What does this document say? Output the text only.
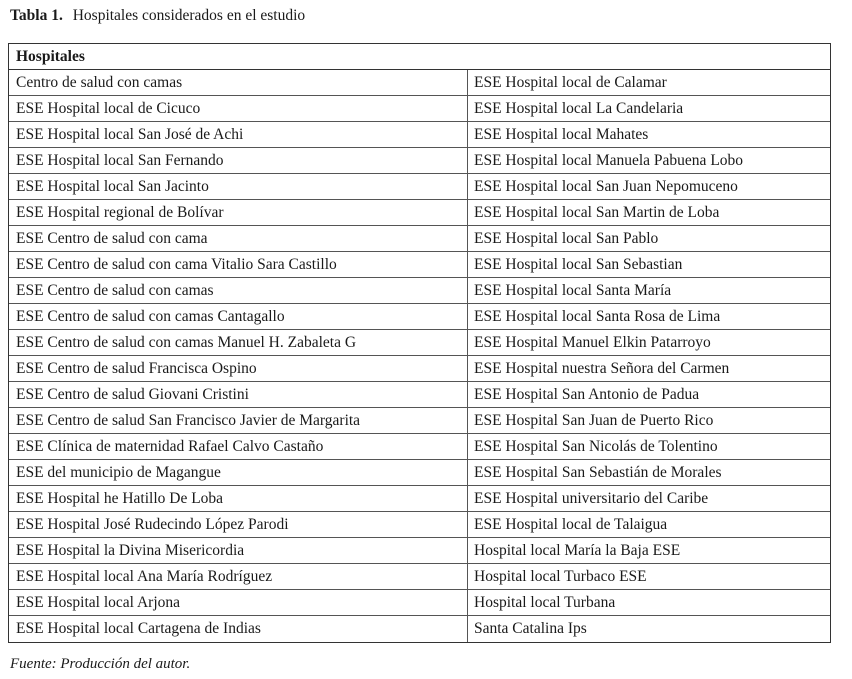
Tabla 1. Hospitales considerados en el estudio
Hospitales
Centro de salud con camas	ESE Hospital local de Calamar
ESE Hospital local de Cicuco	ESE Hospital local La Candelaria
ESE Hospital local San José de Achi	ESE Hospital local Mahates
ESE Hospital local San Fernando	ESE Hospital local Manuela Pabuena Lobo
ESE Hospital local San Jacinto	ESE Hospital local San Juan Nepomuceno
ESE Hospital regional de Bolívar	ESE Hospital local San Martin de Loba
ESE Centro de salud con cama	ESE Hospital local San Pablo
ESE Centro de salud con cama Vitalio Sara Castillo	ESE Hospital local San Sebastian
ESE Centro de salud con camas	ESE Hospital local Santa María
ESE Centro de salud con camas Cantagallo	ESE Hospital local Santa Rosa de Lima
ESE Centro de salud con camas Manuel H. Zabaleta G	ESE Hospital Manuel Elkin Patarroyo
ESE Centro de salud Francisca Ospino	ESE Hospital nuestra Señora del Carmen
ESE Centro de salud Giovani Cristini	ESE Hospital San Antonio de Padua
ESE Centro de salud San Francisco Javier de Margarita	ESE Hospital San Juan de Puerto Rico
ESE Clínica de maternidad Rafael Calvo Castaño	ESE Hospital San Nicolás de Tolentino
ESE del municipio de Magangue	ESE Hospital San Sebastián de Morales
ESE Hospital he Hatillo De Loba	ESE Hospital universitario del Caribe
ESE Hospital José Rudecindo López Parodi	ESE Hospital local de Talaigua
ESE Hospital la Divina Misericordia	Hospital local María la Baja ESE
ESE Hospital local Ana María Rodríguez	Hospital local Turbaco ESE
ESE Hospital local Arjona	Hospital local Turbana
ESE Hospital local Cartagena de Indias	Santa Catalina Ips
Fuente: Producción del autor.
